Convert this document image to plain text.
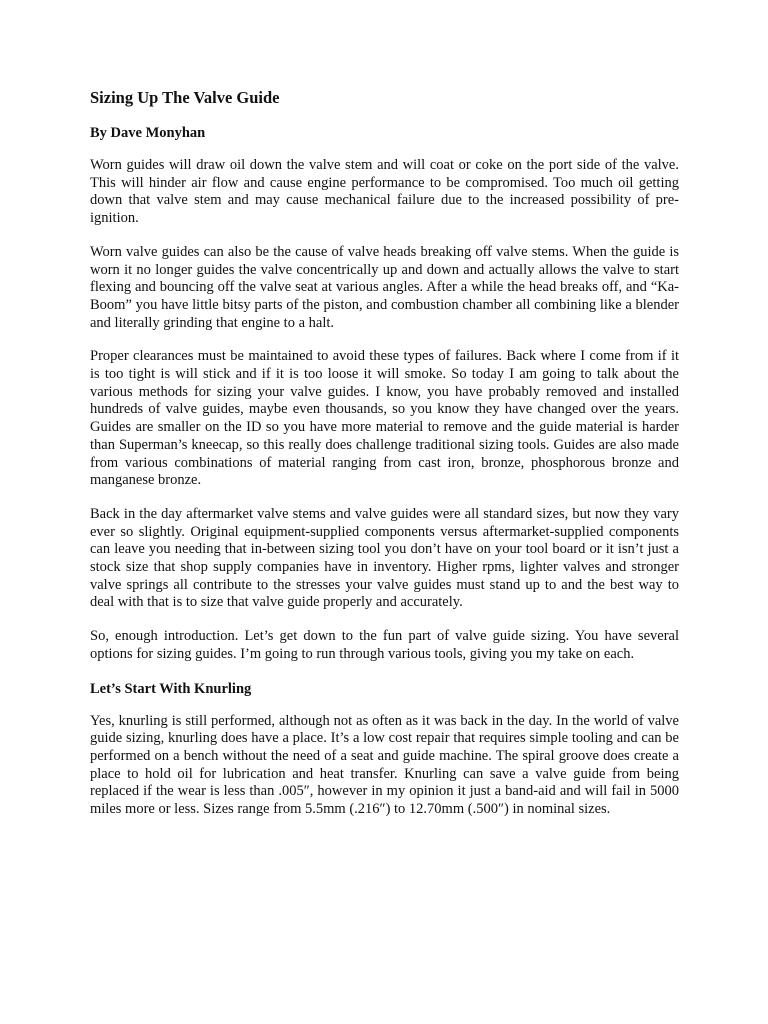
Sizing Up The Valve Guide
By Dave Monyhan

Worn guides will draw oil down the valve stem and will coat or coke on the port side of the valve. This will hinder air flow and cause engine performance to be compromised. Too much oil getting down that valve stem and may cause mechanical failure due to the increased possibility of pre-ignition.

Worn valve guides can also be the cause of valve heads breaking off valve stems. When the guide is worn it no longer guides the valve concentrically up and down and actually allows the valve to start flexing and bouncing off the valve seat at various angles. After a while the head breaks off, and “Ka-Boom” you have little bitsy parts of the piston, and combustion chamber all combining like a blender and literally grinding that engine to a halt.

Proper clearances must be maintained to avoid these types of failures. Back where I come from if it is too tight is will stick and if it is too loose it will smoke. So today I am going to talk about the various methods for sizing your valve guides. I know, you have probably removed and installed hundreds of valve guides, maybe even thousands, so you know they have changed over the years. Guides are smaller on the ID so you have more material to remove and the guide material is harder than Superman’s kneecap, so this really does challenge traditional sizing tools. Guides are also made from various combinations of material ranging from cast iron, bronze, phosphorous bronze and manganese bronze.

Back in the day aftermarket valve stems and valve guides were all standard sizes, but now they vary ever so slightly. Original equipment-supplied components versus aftermarket-supplied components can leave you needing that in-between sizing tool you don’t have on your tool board or it isn’t just a stock size that shop supply companies have in inventory. Higher rpms, lighter valves and stronger valve springs all contribute to the stresses your valve guides must stand up to and the best way to deal with that is to size that valve guide properly and accurately.

So, enough introduction. Let’s get down to the fun part of valve guide sizing. You have several options for sizing guides. I’m going to run through various tools, giving you my take on each.

Let’s Start With Knurling

Yes, knurling is still performed, although not as often as it was back in the day. In the world of valve guide sizing, knurling does have a place. It’s a low cost repair that requires simple tooling and can be performed on a bench without the need of a seat and guide machine. The spiral groove does create a place to hold oil for lubrication and heat transfer. Knurling can save a valve guide from being replaced if the wear is less than .005″, however in my opinion it just a band-aid and will fail in 5000 miles more or less. Sizes range from 5.5mm (.216″) to 12.70mm (.500″) in nominal sizes.
